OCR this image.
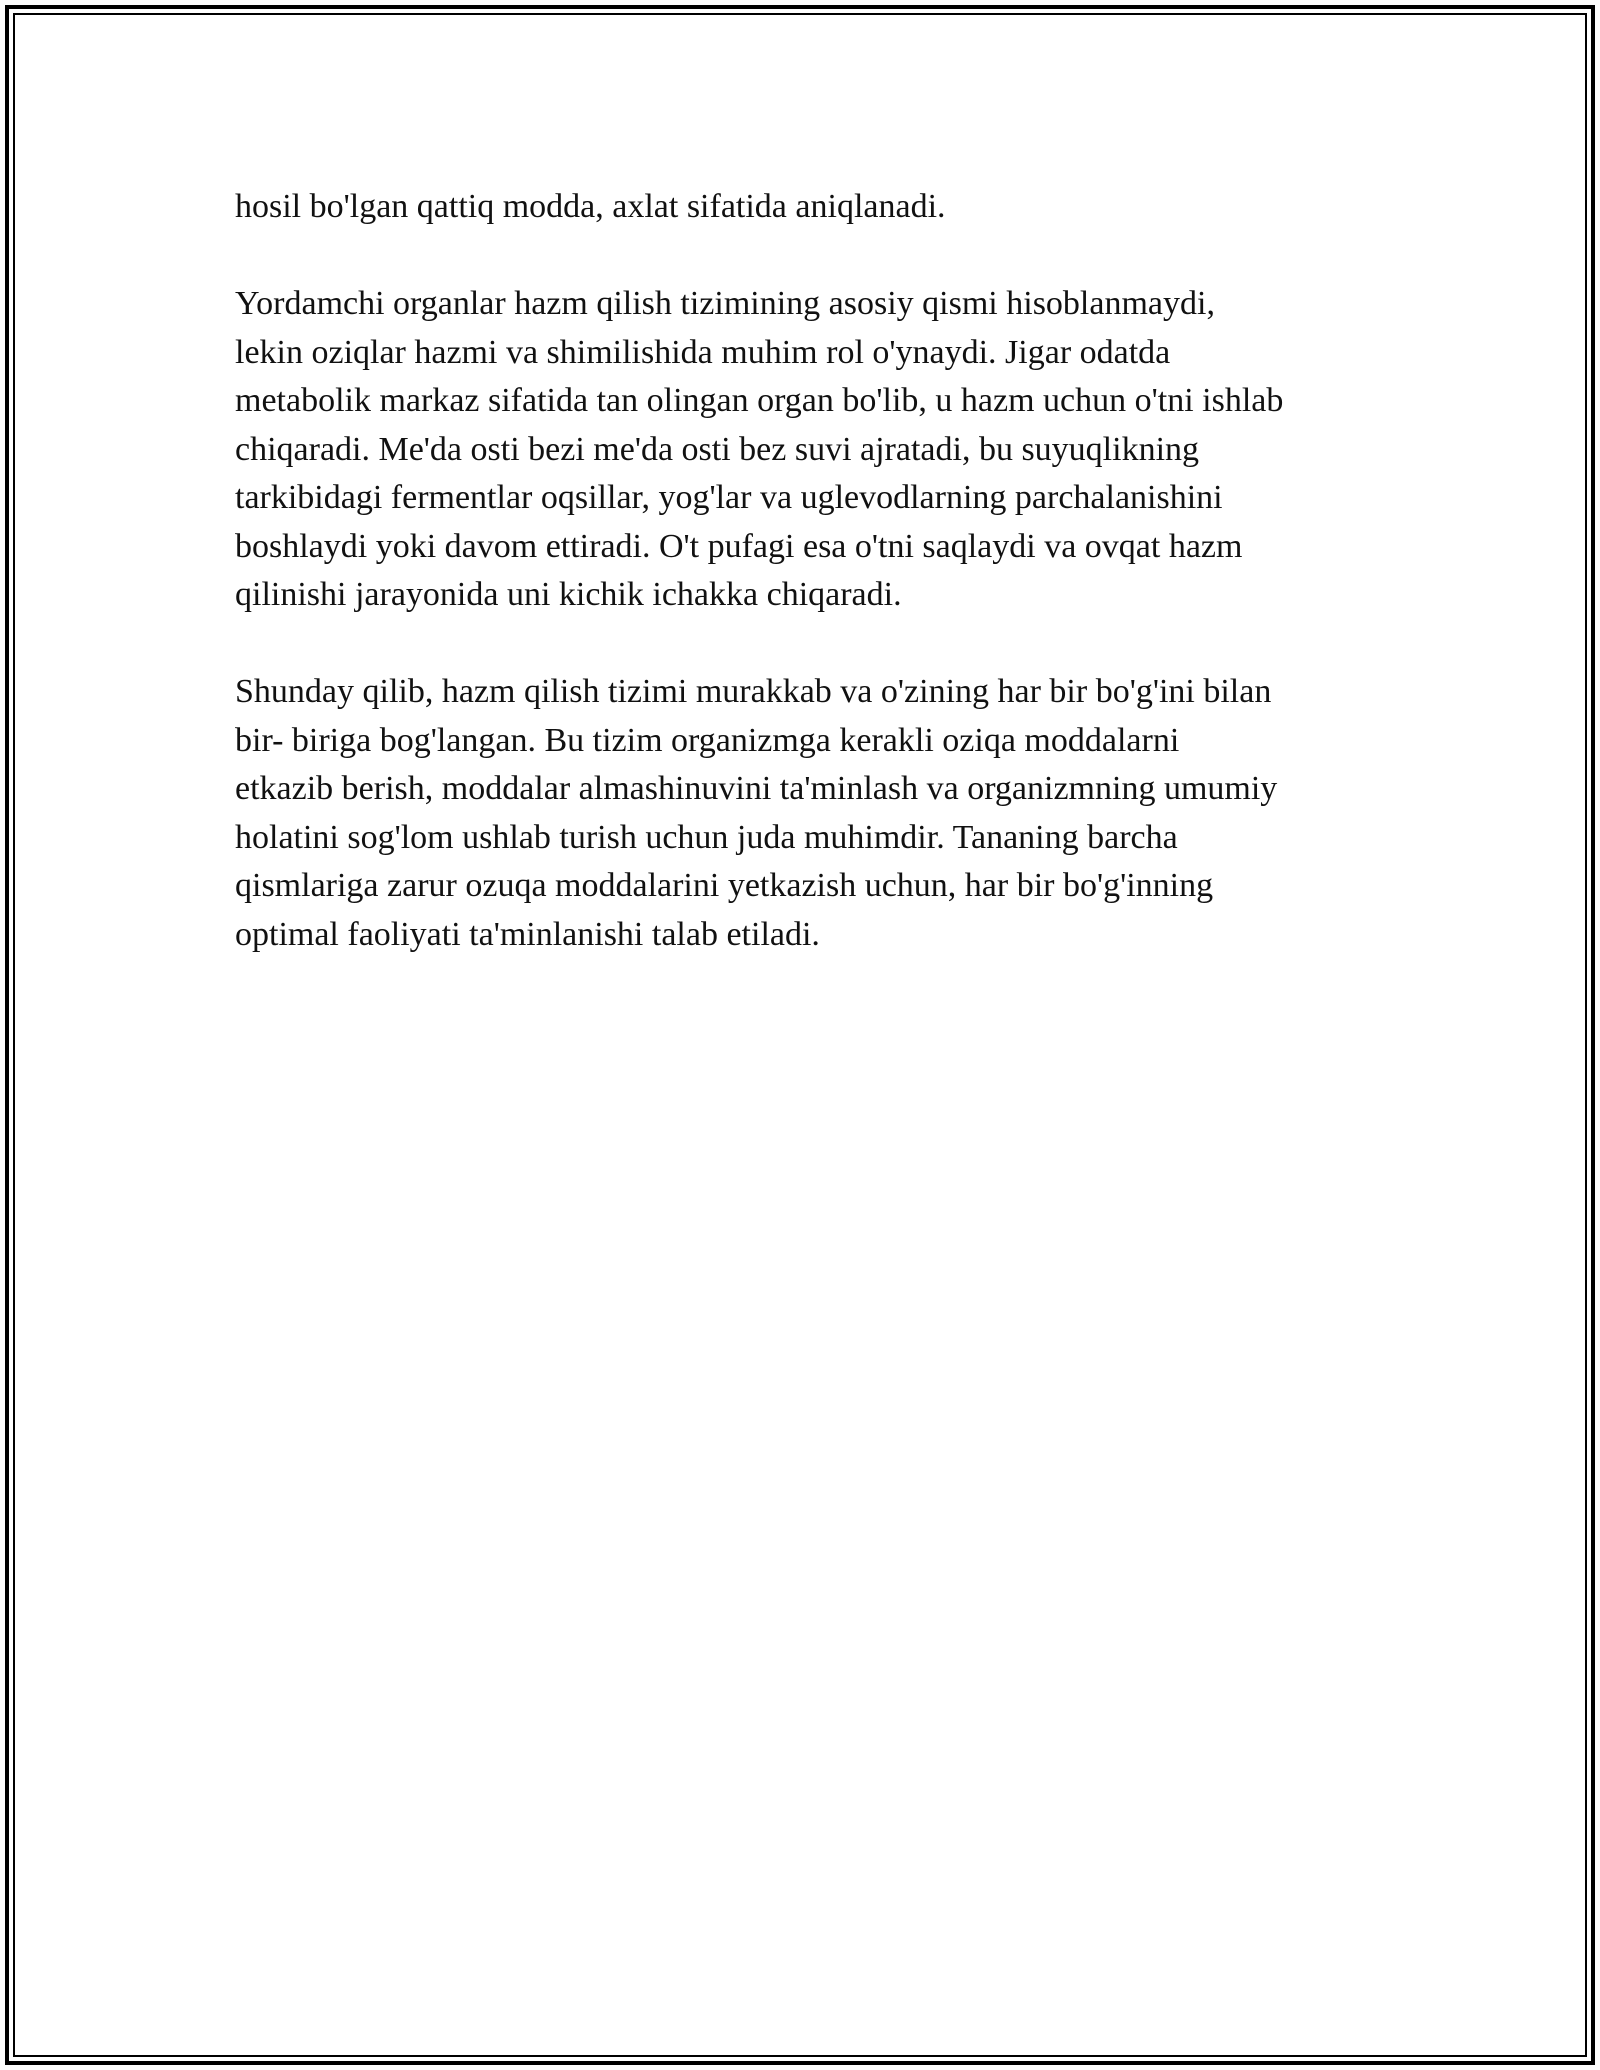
hosil bo'lgan qattiq modda, axlat sifatida aniqlanadi.

Yordamchi organlar hazm qilish tizimining asosiy qismi hisoblanmaydi,
lekin oziqlar hazmi va shimilishida muhim rol o'ynaydi. Jigar odatda
metabolik markaz sifatida tan olingan organ bo'lib, u hazm uchun o'tni ishlab
chiqaradi. Me'da osti bezi me'da osti bez suvi ajratadi, bu suyuqlikning
tarkibidagi fermentlar oqsillar, yog'lar va uglevodlarning parchalanishini
boshlaydi yoki davom ettiradi. O't pufagi esa o'tni saqlaydi va ovqat hazm
qilinishi jarayonida uni kichik ichakka chiqaradi.

Shunday qilib, hazm qilish tizimi murakkab va o'zining har bir bo'g'ini bilan
bir- biriga bog'langan. Bu tizim organizmga kerakli oziqa moddalarni
etkazib berish, moddalar almashinuvini ta'minlash va organizmning umumiy
holatini sog'lom ushlab turish uchun juda muhimdir. Tananing barcha
qismlariga zarur ozuqa moddalarini yetkazish uchun, har bir bo'g'inning
optimal faoliyati ta'minlanishi talab etiladi.
